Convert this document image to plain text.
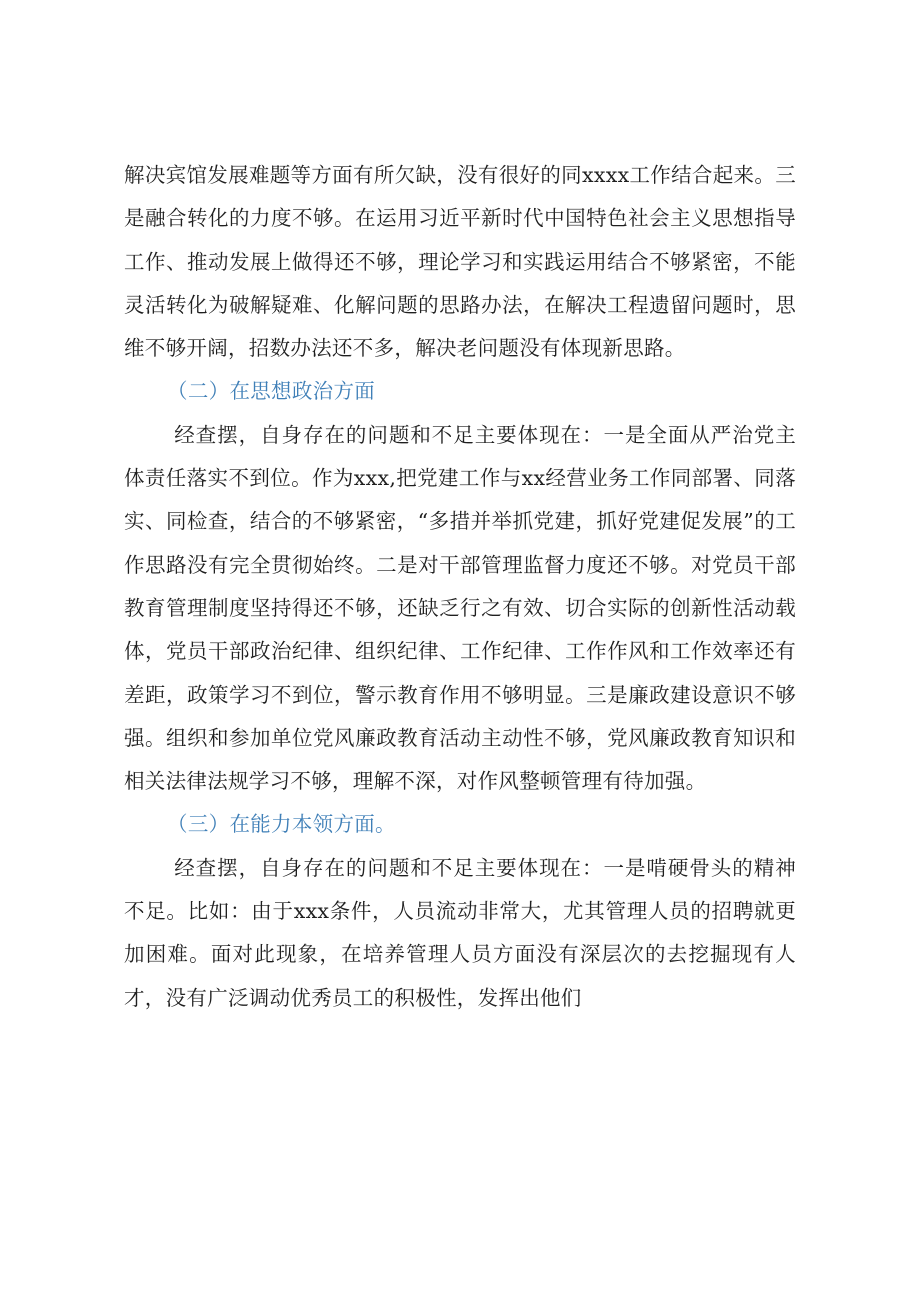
解决宾馆发展难题等方面有所欠缺，没有很好的同xxxx工作结合起来。三是融合转化的力度不够。在运用习近平新时代中国特色社会主义思想指导工作、推动发展上做得还不够，理论学习和实践运用结合不够紧密，不能灵活转化为破解疑难、化解问题的思路办法，在解决工程遗留问题时，思维不够开阔，招数办法还不多，解决老问题没有体现新思路。

（二）在思想政治方面

经查摆，自身存在的问题和不足主要体现在：一是全面从严治党主体责任落实不到位。作为xxx,把党建工作与xx经营业务工作同部署、同落实、同检查，结合的不够紧密，“多措并举抓党建，抓好党建促发展”的工作思路没有完全贯彻始终。二是对干部管理监督力度还不够。对党员干部教育管理制度坚持得还不够，还缺乏行之有效、切合实际的创新性活动载体，党员干部政治纪律、组织纪律、工作纪律、工作作风和工作效率还有差距，政策学习不到位，警示教育作用不够明显。三是廉政建设意识不够强。组织和参加单位党风廉政教育活动主动性不够，党风廉政教育知识和相关法律法规学习不够，理解不深，对作风整顿管理有待加强。

（三）在能力本领方面。

经查摆，自身存在的问题和不足主要体现在：一是啃硬骨头的精神不足。比如：由于xxx条件，人员流动非常大，尤其管理人员的招聘就更加困难。面对此现象，在培养管理人员方面没有深层次的去挖掘现有人才，没有广泛调动优秀员工的积极性，发挥出他们
